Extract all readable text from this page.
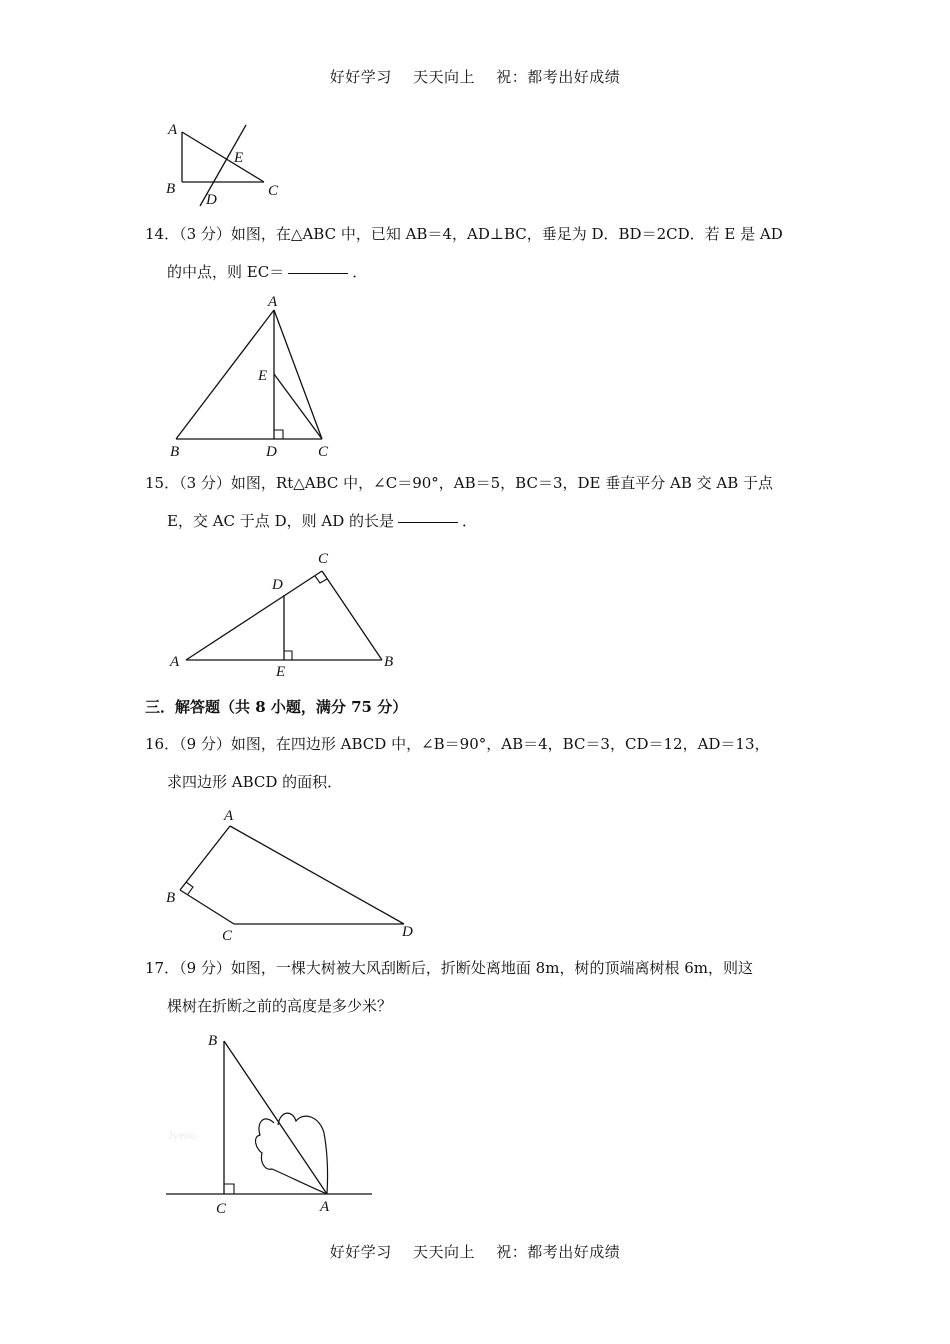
好好学习 天天向上 祝：都考出好成绩
A
E
B
D
C
14．（3 分）如图，在△ABC 中，已知 AB＝4，AD⊥BC，垂足为 D．BD＝2CD．若 E 是 AD
的中点，则 EC＝	．
A
E
B	D	C
15．（3 分）如图，Rt△ABC 中，∠C＝90°，AB＝5，BC＝3，DE 垂直平分 AB 交 AB 于点
E，交 AC 于点 D，则 AD 的长是	．
C
D
A
E
B
三．解答题（共 8 小题，满分 75 分）
16．（9 分）如图，在四边形 ABCD 中，∠B＝90°，AB＝4，BC＝3，CD＝12，AD＝13，
求四边形 ABCD 的面积．
A
B
C	D
17．（9 分）如图，一棵大树被大风刮断后，折断处离地面 8m，树的顶端离树根 6m，则这
棵树在折断之前的高度是多少米？
Jyeoo
B
C	A
好好学习 天天向上 祝：都考出好成绩
